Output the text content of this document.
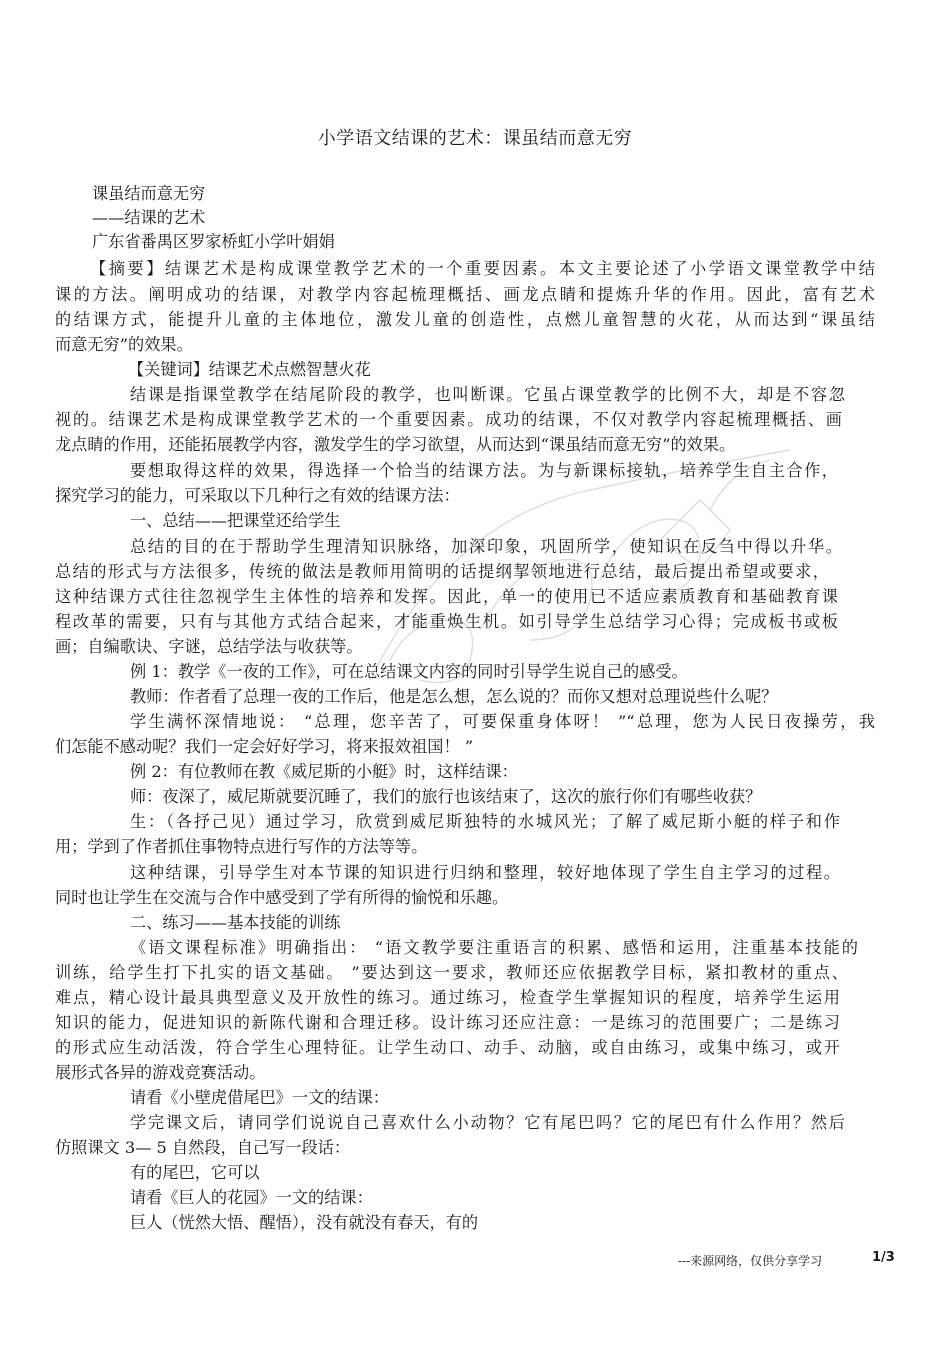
小学语文结课的艺术：课虽结而意无穷
课虽结而意无穷
——结课的艺术
广东省番禺区罗家桥虹小学叶娟娟
【摘要】结课艺术是构成课堂教学艺术的一个重要因素。本文主要论述了小学语文课堂教学中结
课的方法。阐明成功的结课，对教学内容起梳理概括、画龙点睛和提炼升华的作用。因此，富有艺术
的结课方式，能提升儿童的主体地位，激发儿童的创造性，点燃儿童智慧的火花，从而达到“课虽结
而意无穷”的效果。
【关键词】结课艺术点燃智慧火花
结课是指课堂教学在结尾阶段的教学，也叫断课。它虽占课堂教学的比例不大，却是不容忽
视的。结课艺术是构成课堂教学艺术的一个重要因素。成功的结课，不仅对教学内容起梳理概括、画
龙点睛的作用，还能拓展教学内容，激发学生的学习欲望，从而达到“课虽结而意无穷”的效果。
要想取得这样的效果，得选择一个恰当的结课方法。为与新课标接轨，培养学生自主合作，
探究学习的能力，可采取以下几种行之有效的结课方法：
一、总结——把课堂还给学生
总结的目的在于帮助学生理清知识脉络，加深印象，巩固所学，使知识在反刍中得以升华。
总结的形式与方法很多，传统的做法是教师用简明的话提纲挈领地进行总结，最后提出希望或要求，
这种结课方式往往忽视学生主体性的培养和发挥。因此，单一的使用已不适应素质教育和基础教育课
程改革的需要，只有与其他方式结合起来，才能重焕生机。如引导学生总结学习心得；完成板书或板
画；自编歌诀、字谜，总结学法与收获等。
例 1：教学《一夜的工作》，可在总结课文内容的同时引导学生说自己的感受。
教师：作者看了总理一夜的工作后，他是怎么想，怎么说的？而你又想对总理说些什么呢？
学生满怀深情地说： “总理，您辛苦了，可要保重身体呀！ ”“总理，您为人民日夜操劳，我
们怎能不感动呢？我们一定会好好学习，将来报效祖国！ ”
例 2：有位教师在教《威尼斯的小艇》时，这样结课：
师：夜深了，威尼斯就要沉睡了，我们的旅行也该结束了，这次的旅行你们有哪些收获？
生：（各抒己见）通过学习，欣赏到威尼斯独特的水城风光；了解了威尼斯小艇的样子和作
用；学到了作者抓住事物特点进行写作的方法等等。
这种结课，引导学生对本节课的知识进行归纳和整理，较好地体现了学生自主学习的过程。
同时也让学生在交流与合作中感受到了学有所得的愉悦和乐趣。
二、练习——基本技能的训练
《语文课程标准》明确指出： “语文教学要注重语言的积累、感悟和运用，注重基本技能的
训练，给学生打下扎实的语文基础。 ”要达到这一要求，教师还应依据教学目标，紧扣教材的重点、
难点，精心设计最具典型意义及开放性的练习。通过练习，检查学生掌握知识的程度，培养学生运用
知识的能力，促进知识的新陈代谢和合理迁移。设计练习还应注意：一是练习的范围要广；二是练习
的形式应生动活泼，符合学生心理特征。让学生动口、动手、动脑，或自由练习，或集中练习，或开
展形式各异的游戏竞赛活动。
请看《小壁虎借尾巴》一文的结课：
学完课文后，请同学们说说自己喜欢什么小动物？它有尾巴吗？它的尾巴有什么作用？然后
仿照课文 3— 5 自然段，自己写一段话：
有的尾巴，它可以
请看《巨人的花园》一文的结课：
巨人（恍然大悟、醒悟），没有就没有春天，有的
---来源网络，仅供分享学习	1/3
